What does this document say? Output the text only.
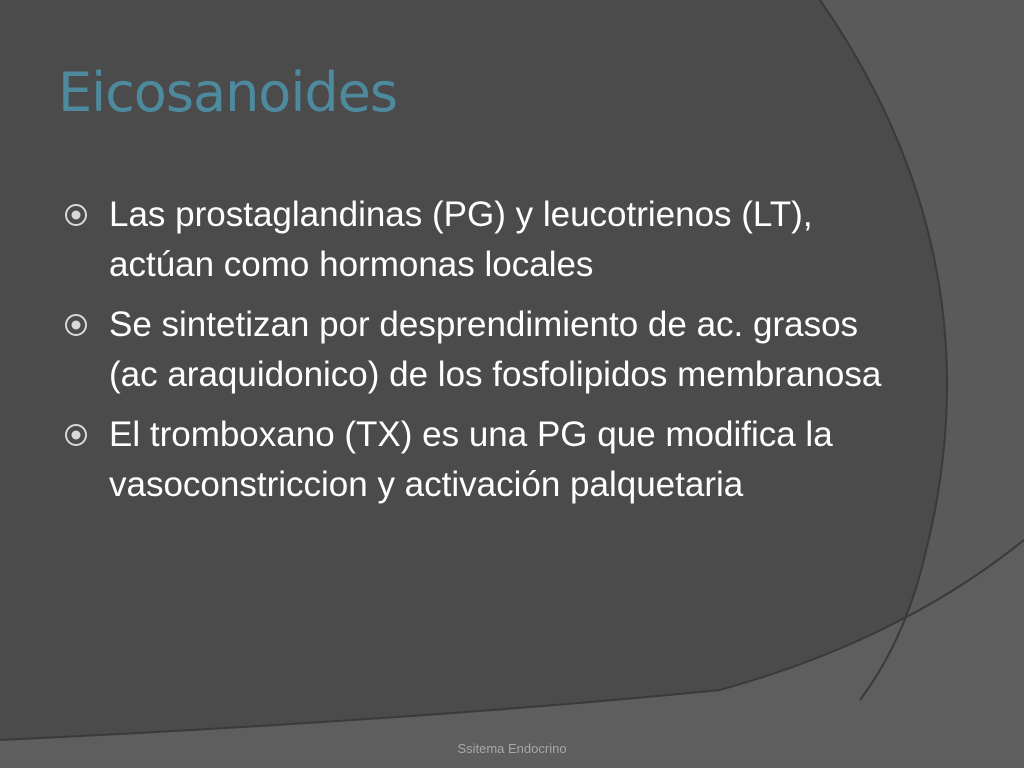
Eicosanoides
Las prostaglandinas (PG) y leucotrienos (LT), actúan como hormonas locales
Se sintetizan por desprendimiento de ac. grasos (ac araquidonico) de los fosfolipidos membranosa
El tromboxano (TX) es una PG que modifica la vasoconstriccion y activación palquetaria
Ssitema Endocrino
